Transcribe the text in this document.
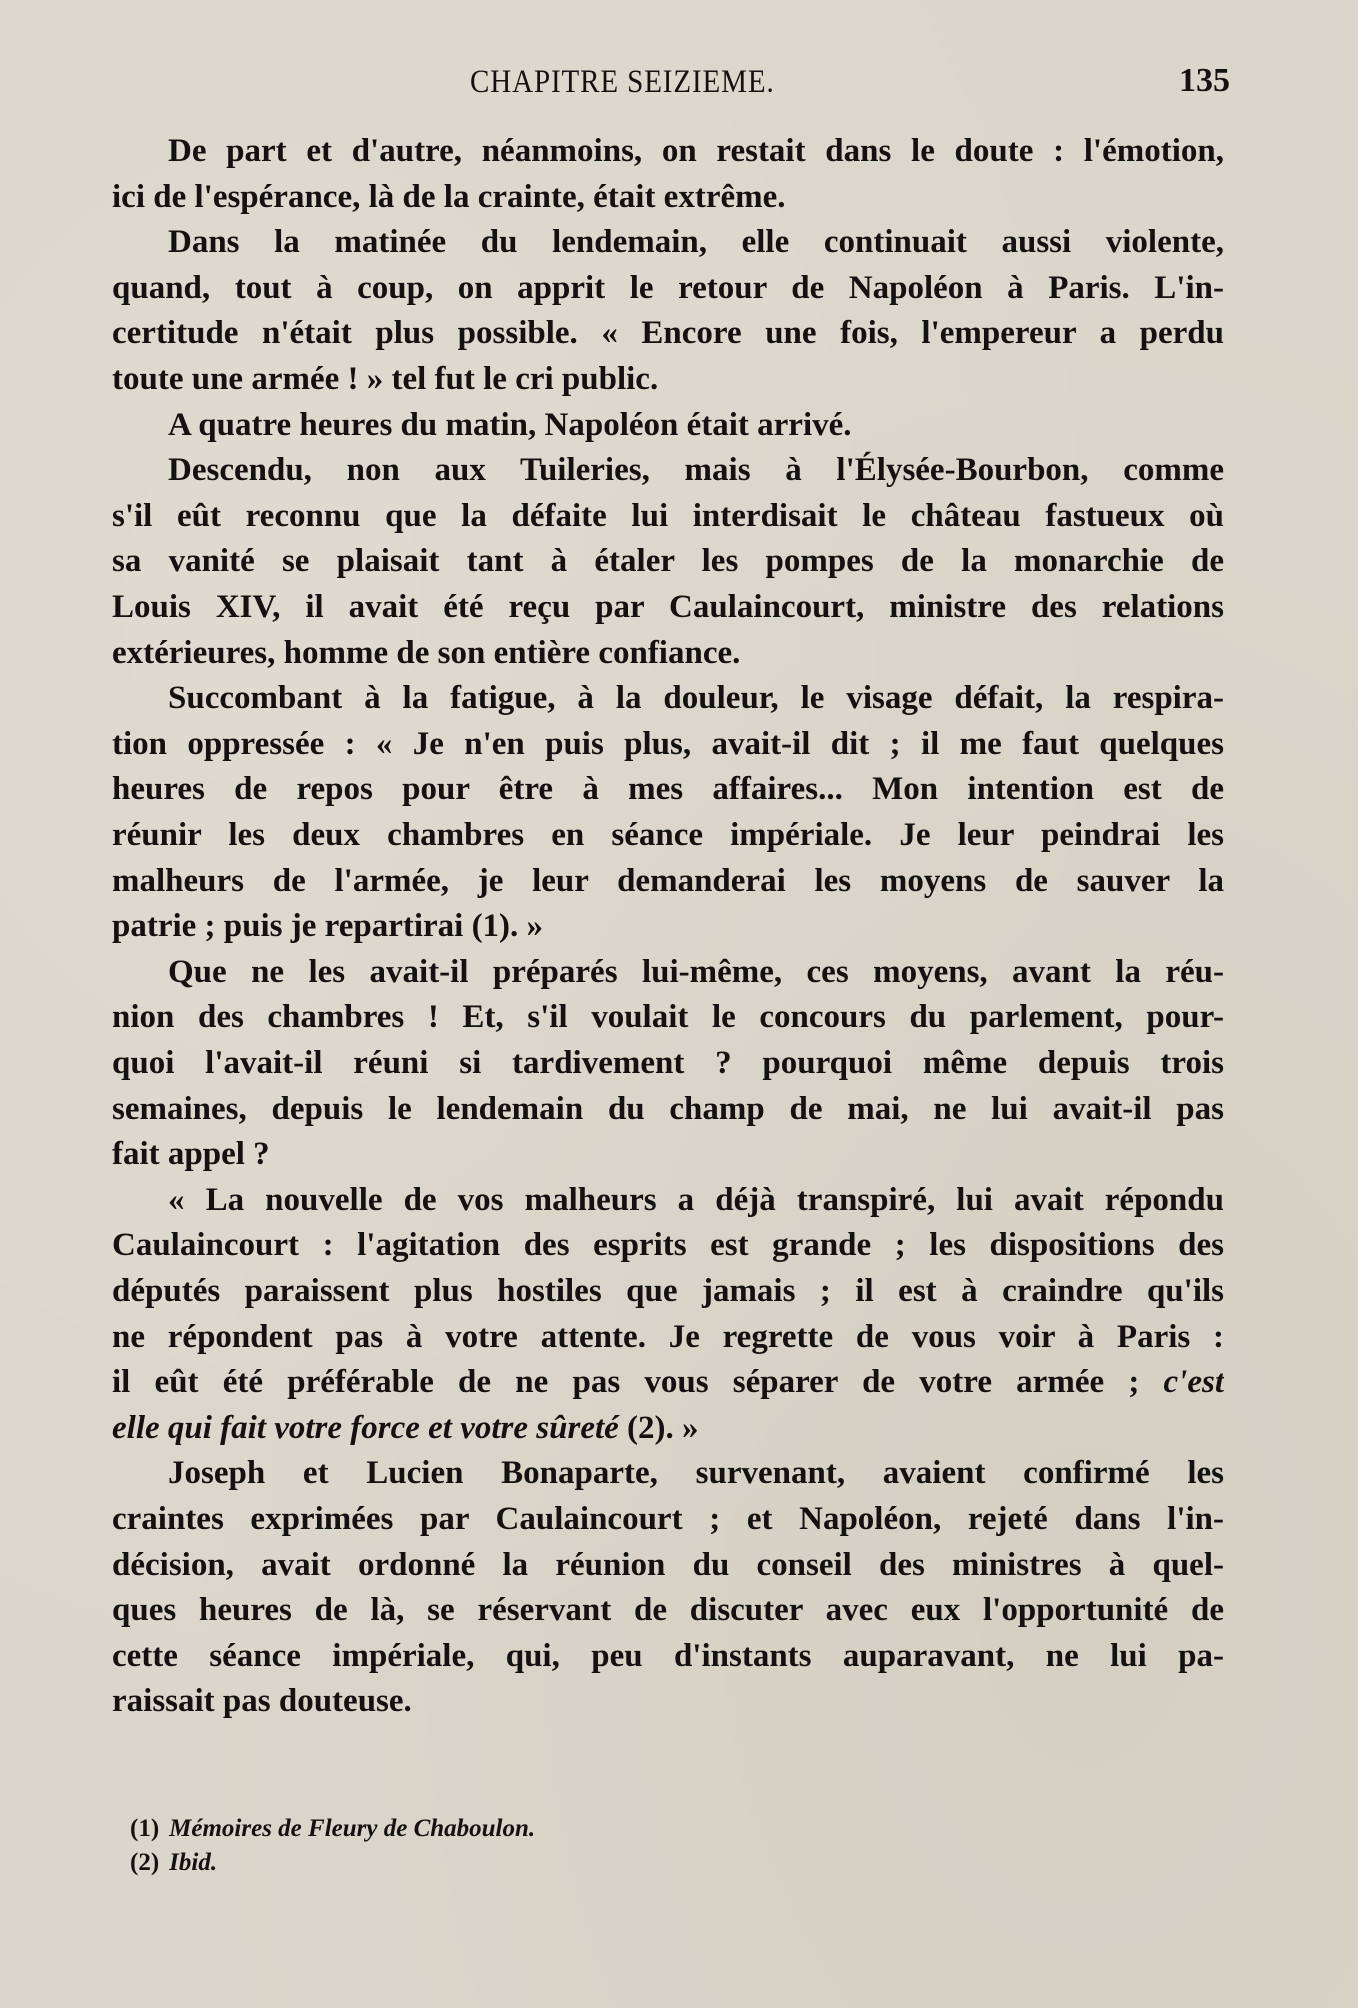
CHAPITRE SEIZIEME.	135
De part et d'autre, néanmoins, on restait dans le doute : l'émotion,
ici de l'espérance, là de la crainte, était extrême.
Dans la matinée du lendemain, elle continuait aussi violente,
quand, tout à coup, on apprit le retour de Napoléon à Paris. L'in-
certitude n'était plus possible. « Encore une fois, l'empereur a perdu
toute une armée ! » tel fut le cri public.
A quatre heures du matin, Napoléon était arrivé.
Descendu, non aux Tuileries, mais à l'Élysée-Bourbon, comme
s'il eût reconnu que la défaite lui interdisait le château fastueux où
sa vanité se plaisait tant à étaler les pompes de la monarchie de
Louis XIV, il avait été reçu par Caulaincourt, ministre des relations
extérieures, homme de son entière confiance.
Succombant à la fatigue, à la douleur, le visage défait, la respira-
tion oppressée : « Je n'en puis plus, avait-il dit ; il me faut quelques
heures de repos pour être à mes affaires... Mon intention est de
réunir les deux chambres en séance impériale. Je leur peindrai les
malheurs de l'armée, je leur demanderai les moyens de sauver la
patrie ; puis je repartirai (1). »
Que ne les avait-il préparés lui-même, ces moyens, avant la réu-
nion des chambres ! Et, s'il voulait le concours du parlement, pour-
quoi l'avait-il réuni si tardivement ? pourquoi même depuis trois
semaines, depuis le lendemain du champ de mai, ne lui avait-il pas
fait appel ?
« La nouvelle de vos malheurs a déjà transpiré, lui avait répondu
Caulaincourt : l'agitation des esprits est grande ; les dispositions des
députés paraissent plus hostiles que jamais ; il est à craindre qu'ils
ne répondent pas à votre attente. Je regrette de vous voir à Paris :
il eût été préférable de ne pas vous séparer de votre armée ; c'est
elle qui fait votre force et votre sûreté (2). »
Joseph et Lucien Bonaparte, survenant, avaient confirmé les
craintes exprimées par Caulaincourt ; et Napoléon, rejeté dans l'in-
décision, avait ordonné la réunion du conseil des ministres à quel-
ques heures de là, se réservant de discuter avec eux l'opportunité de
cette séance impériale, qui, peu d'instants auparavant, ne lui pa-
raissait pas douteuse.
(1) Mémoires de Fleury de Chaboulon.
(2) Ibid.
